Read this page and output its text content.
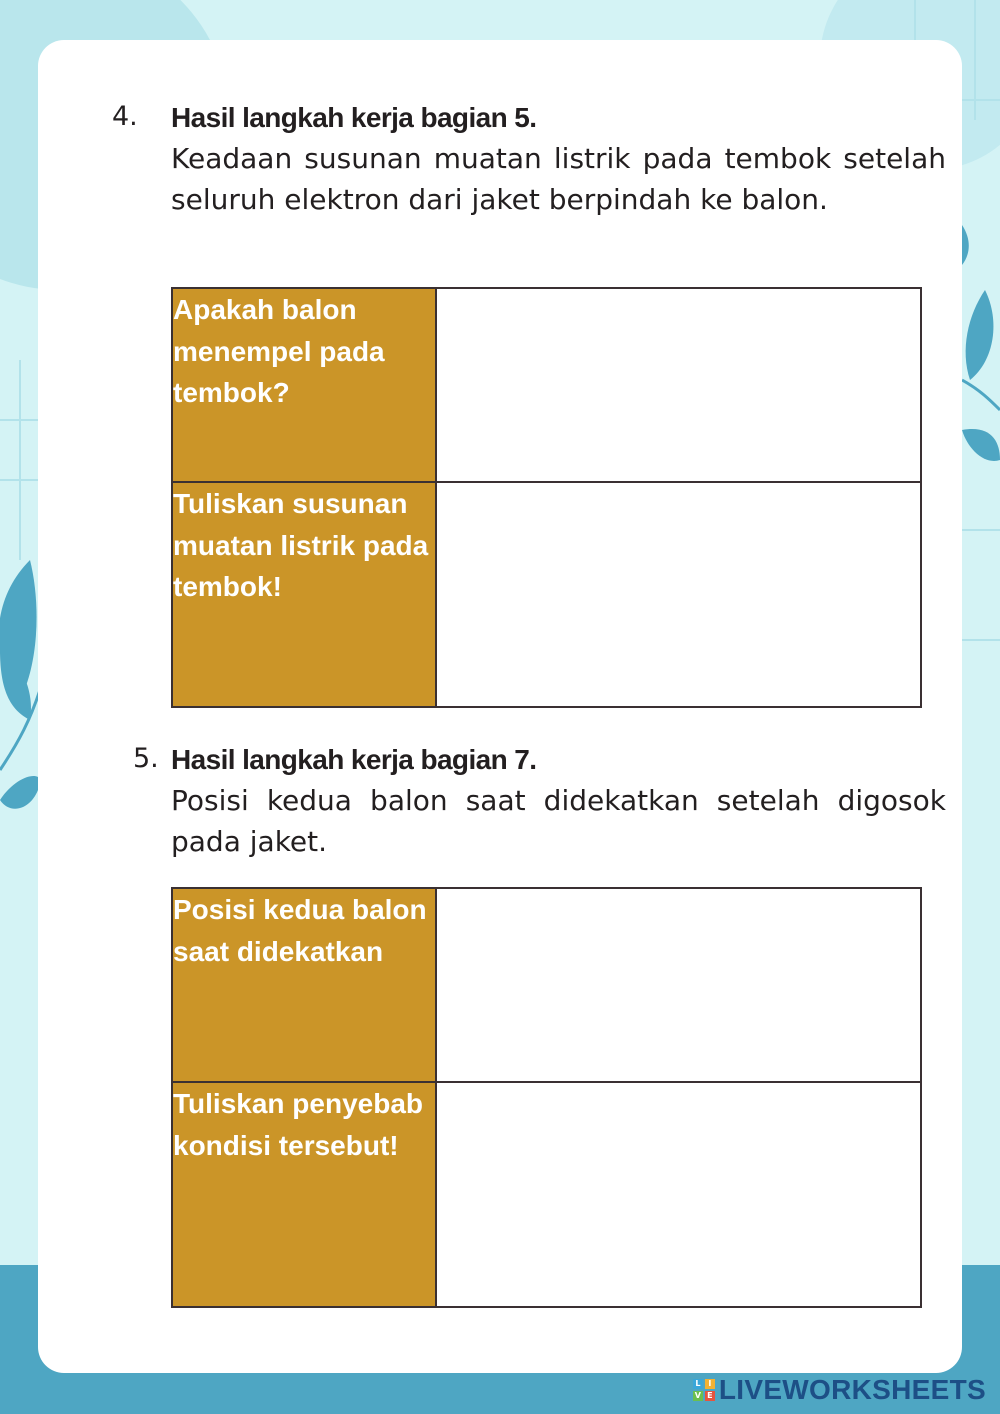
4. Hasil langkah kerja bagian 5.
Keadaan susunan muatan listrik pada tembok setelah seluruh elektron dari jaket berpindah ke balon.
Apakah balon menempel pada tembok?	
Tuliskan susunan muatan listrik pada tembok!	
5. Hasil langkah kerja bagian 7.
Posisi kedua balon saat didekatkan setelah digosok pada jaket.
Posisi kedua balon saat didekatkan	
Tuliskan penyebab kondisi tersebut!	
L I
V E LIVEWORKSHEETS
